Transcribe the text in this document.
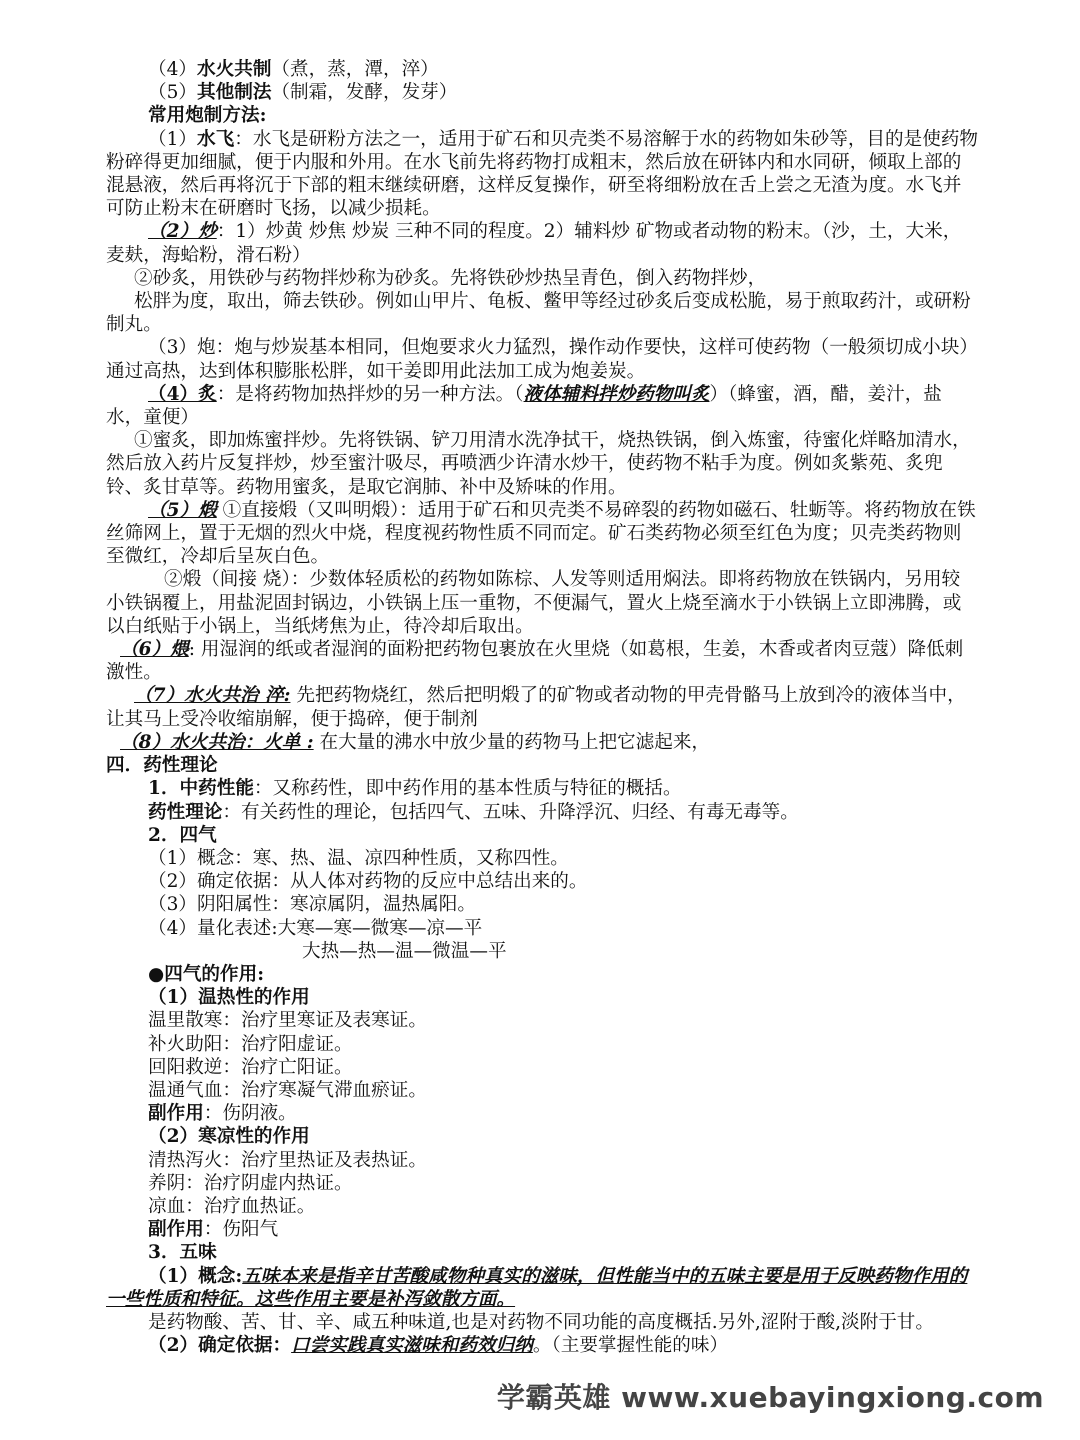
（4）水火共制（煮，蒸，潭，淬）

（5）其他制法（制霜，发酵，发芽）

常用炮制方法:

（1）水飞：水飞是研粉方法之一，适用于矿石和贝壳类不易溶解于水的药物如朱砂等，目的是使药物粉碎得更加细腻，便于内服和外用。在水飞前先将药物打成粗末，然后放在研钵内和水同研，倾取上部的混悬液，然后再将沉于下部的粗末继续研磨，这样反复操作，研至将细粉放在舌上尝之无渣为度。水飞并可防止粉末在研磨时飞扬，以减少损耗。

（2）炒：1）炒黄 炒焦 炒炭 三种不同的程度。2）辅料炒 矿物或者动物的粉末。（沙，土，大米，麦麸，海蛤粉，滑石粉）

②砂炙，用铁砂与药物拌炒称为砂炙。先将铁砂炒热呈青色，倒入药物拌炒，

松胖为度，取出，筛去铁砂。例如山甲片、龟板、鳖甲等经过砂炙后变成松脆，易于煎取药汁，或研粉制丸。

（3）炮：炮与炒炭基本相同，但炮要求火力猛烈，操作动作要快，这样可使药物（一般须切成小块）通过高热，达到体积膨胀松胖，如干姜即用此法加工成为炮姜炭。

（4）炙：是将药物加热拌炒的另一种方法。（液体辅料拌炒药物叫炙）（蜂蜜，酒，醋，姜汁，盐水，童便）

①蜜炙，即加炼蜜拌炒。先将铁锅、铲刀用清水洗净拭干，烧热铁锅，倒入炼蜜，待蜜化烊略加清水，然后放入药片反复拌炒，炒至蜜汁吸尽，再喷洒少许清水炒干，使药物不粘手为度。例如炙紫苑、炙兜铃、炙甘草等。药物用蜜炙，是取它润肺、补中及矫味的作用。

（5）煅 ①直接煅（又叫明煅）：适用于矿石和贝壳类不易碎裂的药物如磁石、牡蛎等。将药物放在铁丝筛网上，置于无烟的烈火中烧，程度视药物性质不同而定。矿石类药物必须至红色为度；贝壳类药物则至微红，冷却后呈灰白色。

②煅（间接 烧）：少数体轻质松的药物如陈棕、人发等则适用焖法。即将药物放在铁锅内，另用较小铁锅覆上，用盐泥固封锅边，小铁锅上压一重物，不便漏气，置火上烧至滴水于小铁锅上立即沸腾，或以白纸贴于小锅上，当纸烤焦为止，待冷却后取出。

（6）煨: 用湿润的纸或者湿润的面粉把药物包裹放在火里烧（如葛根，生姜，木香或者肉豆蔻）降低刺激性。

（7）水火共治 淬: 先把药物烧红，然后把明煅了的矿物或者动物的甲壳骨骼马上放到冷的液体当中，让其马上受冷收缩崩解，便于捣碎，便于制剂

（8）水火共治：火单 : 在大量的沸水中放少量的药物马上把它滤起来，

四．药性理论

1．中药性能：又称药性，即中药作用的基本性质与特征的概括。

药性理论：有关药性的理论，包括四气、五味、升降浮沉、归经、有毒无毒等。

2．四气

（1）概念：寒、热、温、凉四种性质，又称四性。

（2）确定依据：从人体对药物的反应中总结出来的。

（3）阴阳属性：寒凉属阴，温热属阳。

（4）量化表述:大寒—寒—微寒—凉—平

大热—热—温—微温—平

●四气的作用:

（1）温热性的作用

温里散寒：治疗里寒证及表寒证。

补火助阳：治疗阳虚证。

回阳救逆：治疗亡阳证。

温通气血：治疗寒凝气滞血瘀证。

副作用：伤阴液。

（2）寒凉性的作用

清热泻火：治疗里热证及表热证。

养阴：治疗阴虚内热证。

凉血：治疗血热证。

副作用：伤阳气

3．五味

（1）概念:五味本来是指辛甘苦酸咸物种真实的滋味，但性能当中的五味主要是用于反映药物作用的一些性质和特征。这些作用主要是补泻敛散方面。

是药物酸、苦、甘、辛、咸五种味道,也是对药物不同功能的高度概括.另外,涩附于酸,淡附于甘。

（2）确定依据：口尝实践真实滋味和药效归纳。（主要掌握性能的味）

学霸英雄 www.xuebayingxiong.com
